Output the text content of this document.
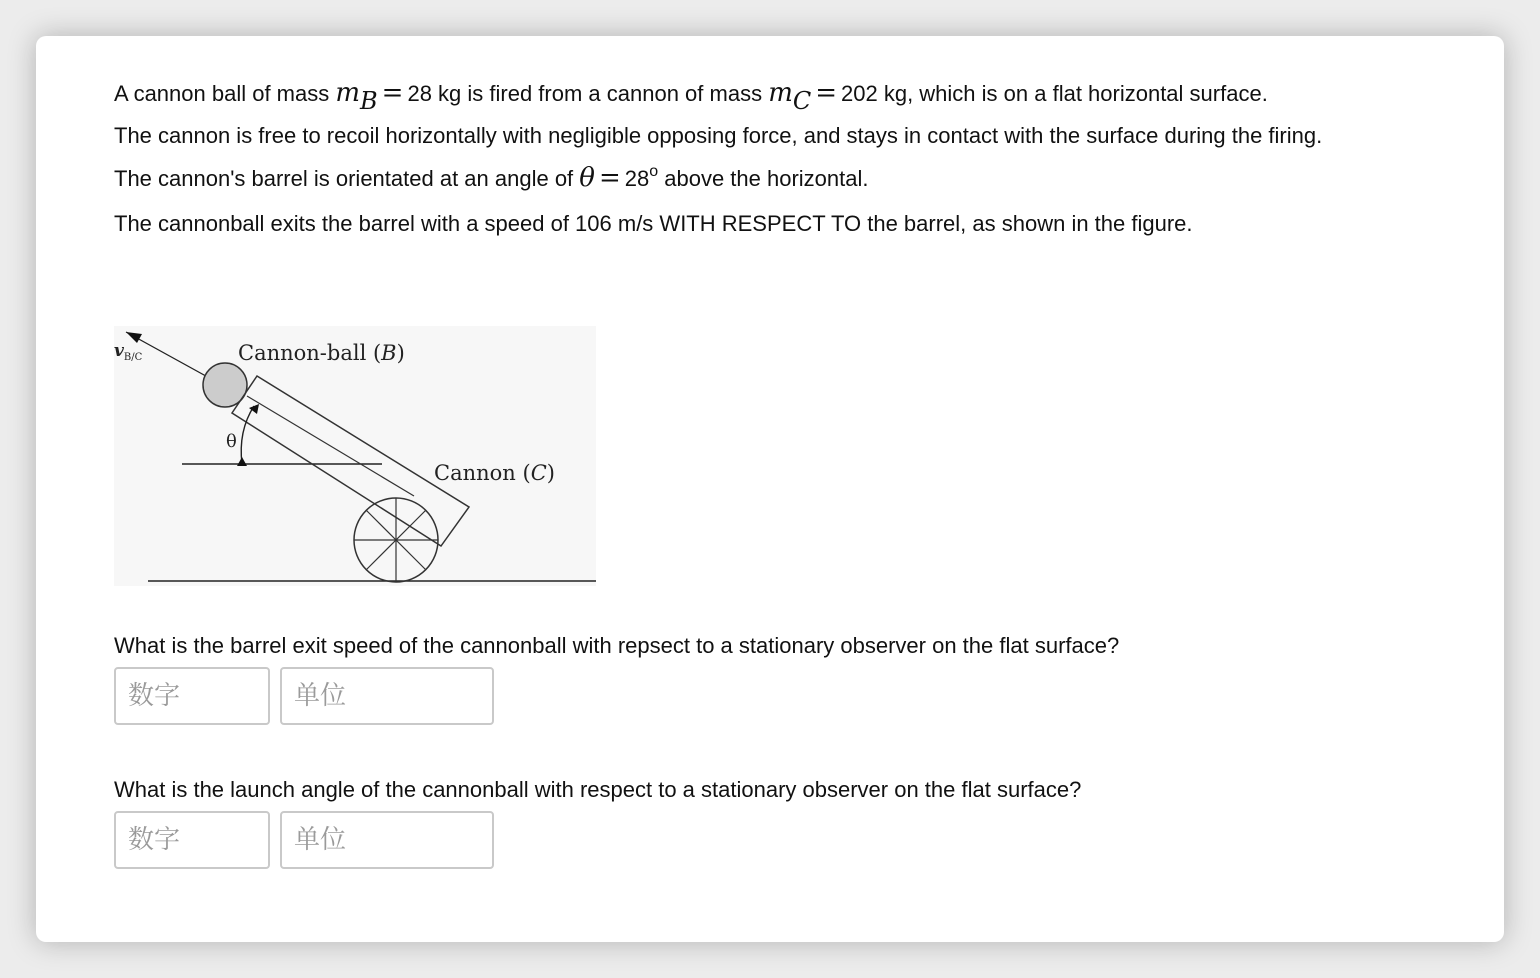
A cannon ball of mass mB = 28 kg is fired from a cannon of mass mC = 202 kg, which is on a flat horizontal surface.

The cannon is free to recoil horizontally with negligible opposing force, and stays in contact with the surface during the firing.

The cannon's barrel is orientated at an angle of $\theta = 28^o$ above the horizontal.

The cannonball exits the barrel with a speed of 106 m/s WITH RESPECT TO the barrel, as shown in the figure.

$v_{B/C}$	Cannon-ball (B)
θ
Cannon (C)
What is the barrel exit speed of the cannonball with repsect to a stationary observer on the flat surface?
数字
单位
What is the launch angle of the cannonball with respect to a stationary observer on the flat surface?
数字
单位
